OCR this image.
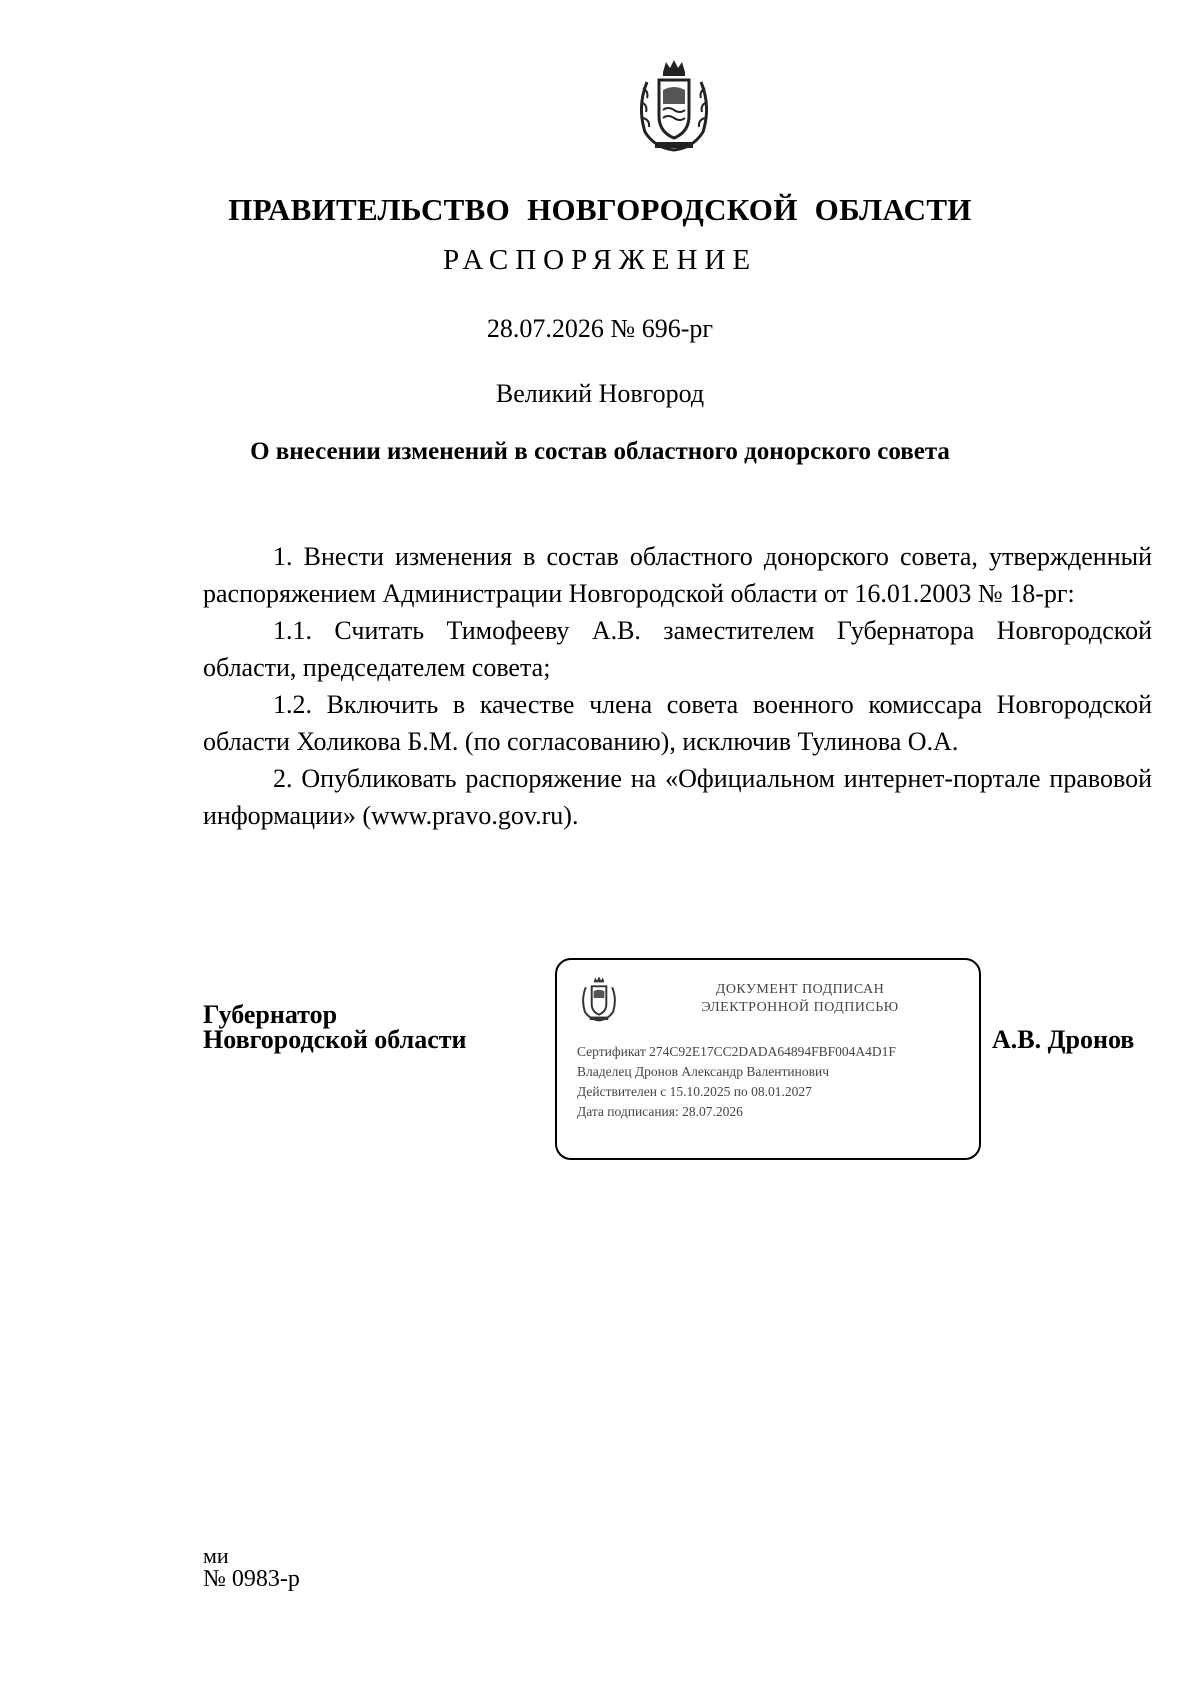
ПРАВИТЕЛЬСТВО НОВГОРОДСКОЙ ОБЛАСТИ
РАСПОРЯЖЕНИЕ
28.07.2026 № 696-рг
Великий Новгород
О внесении изменений в состав областного донорского совета

1. Внести изменения в состав областного донорского совета, утвержденный распоряжением Администрации Новгородской области от 16.01.2003 № 18-рг:

1.1. Считать Тимофееву А.В. заместителем Губернатора Новгородской области, председателем совета;

1.2. Включить в качестве члена совета военного комиссара Новгородской области Холикова Б.М. (по согласованию), исключив Тулинова О.А.

2. Опубликовать распоряжение на «Официальном интернет-портале правовой информации» (www.pravo.gov.ru).

Губернатор
Новгородской области	А.В. Дронов
ДОКУМЕНТ ПОДПИСАН
ЭЛЕКТРОННОЙ ПОДПИСЬЮ
Сертификат 274C92E17CC2DADA64894FBF004A4D1F
Владелец Дронов Александр Валентинович
Действителен с 15.10.2025 по 08.01.2027
Дата подписания: 28.07.2026
ми
№ 0983-р
